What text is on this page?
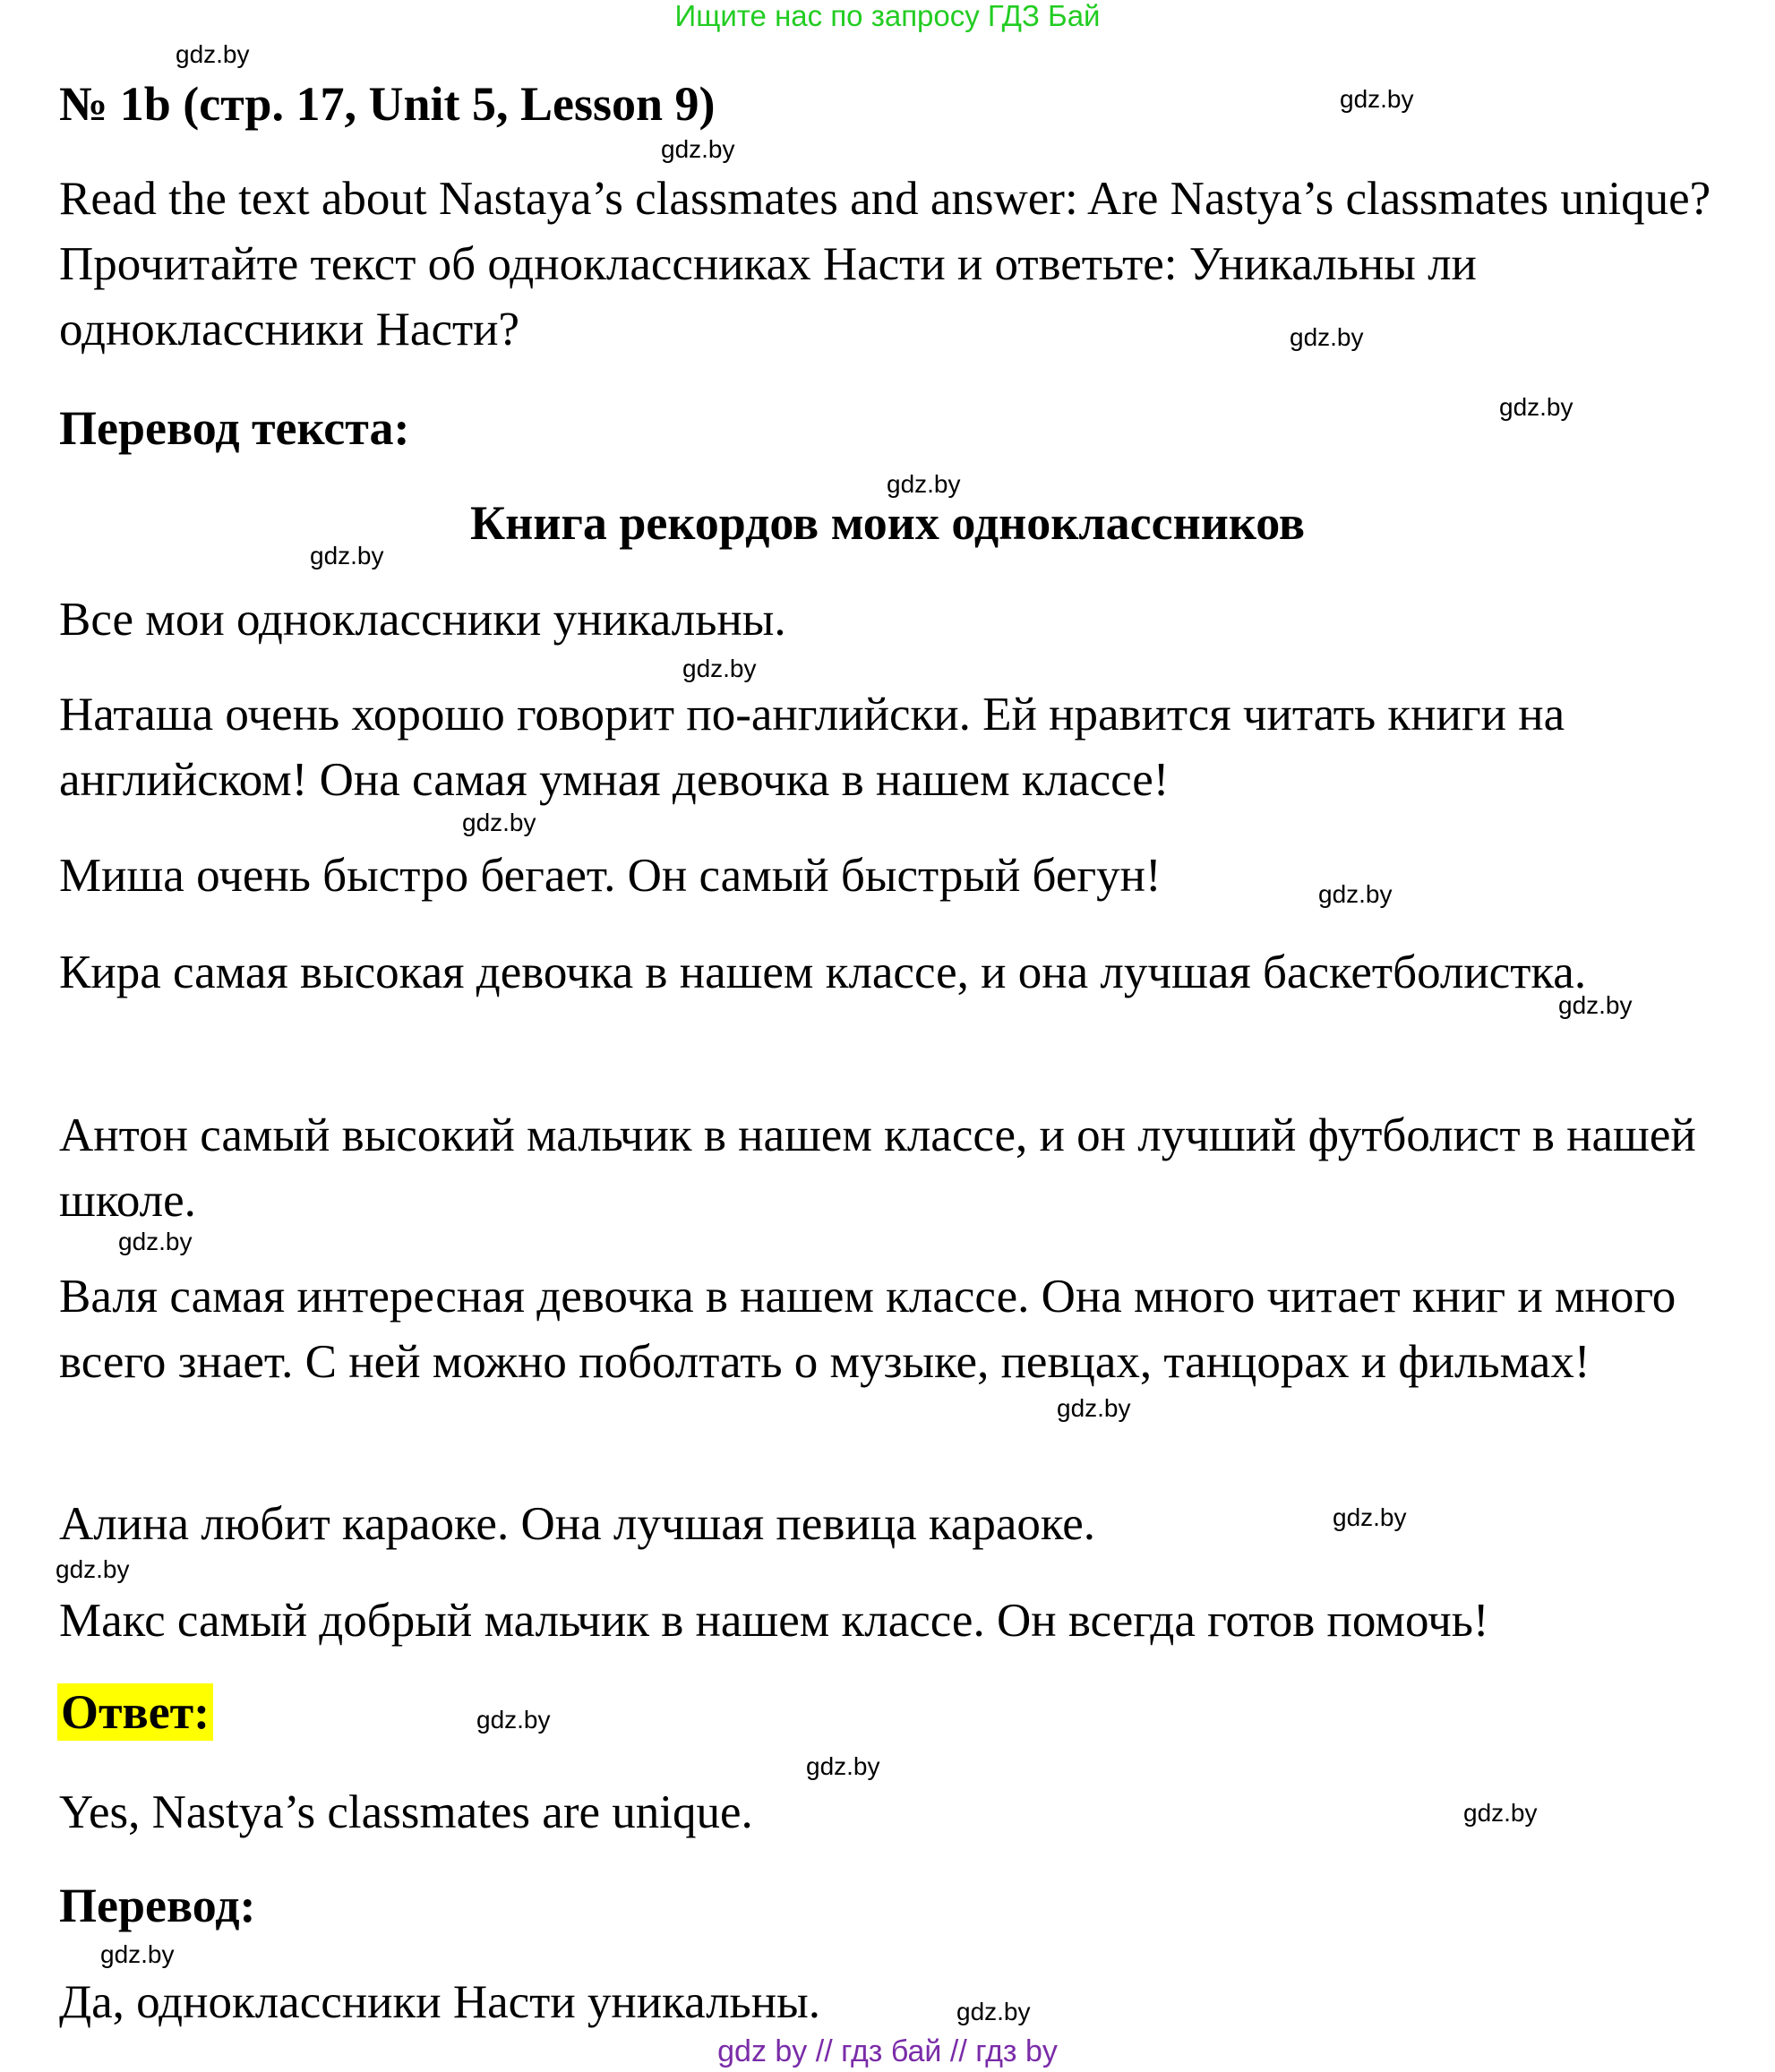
Ищите нас по запросу ГДЗ Бай
№ 1b (стр. 17, Unit 5, Lesson 9)
Read the text about Nastaya’s classmates and answer: Are Nastya’s classmates unique? Прочитайте текст об одноклассниках Насти и ответьте: Уникальны ли одноклассники Насти?
Перевод текста:
Книга рекордов моих одноклассников
Все мои одноклассники уникальны.
Наташа очень хорошо говорит по-английски. Ей нравится читать книги на английском! Она самая умная девочка в нашем классе!
Миша очень быстро бегает. Он самый быстрый бегун!
Кира самая высокая девочка в нашем классе, и она лучшая баскетболистка.
Антон самый высокий мальчик в нашем классе, и он лучший футболист в нашей школе.
Валя самая интересная девочка в нашем классе. Она много читает книг и много всего знает. С ней можно поболтать о музыке, певцах, танцорах и фильмах!
Алина любит караоке. Она лучшая певица караоке.
Макс самый добрый мальчик в нашем классе. Он всегда готов помочь!
Ответ:
Yes, Nastya’s classmates are unique.
Перевод:
Да, одноклассники Насти уникальны.
gdz.by
gdz.by
gdz.by
gdz.by
gdz.by
gdz.by
gdz.by
gdz.by
gdz.by
gdz.by
gdz.by
gdz.by
gdz.by
gdz.by
gdz.by
gdz.by
gdz.by
gdz.by
gdz.by
gdz.by
gdz by // гдз бай // гдз by
